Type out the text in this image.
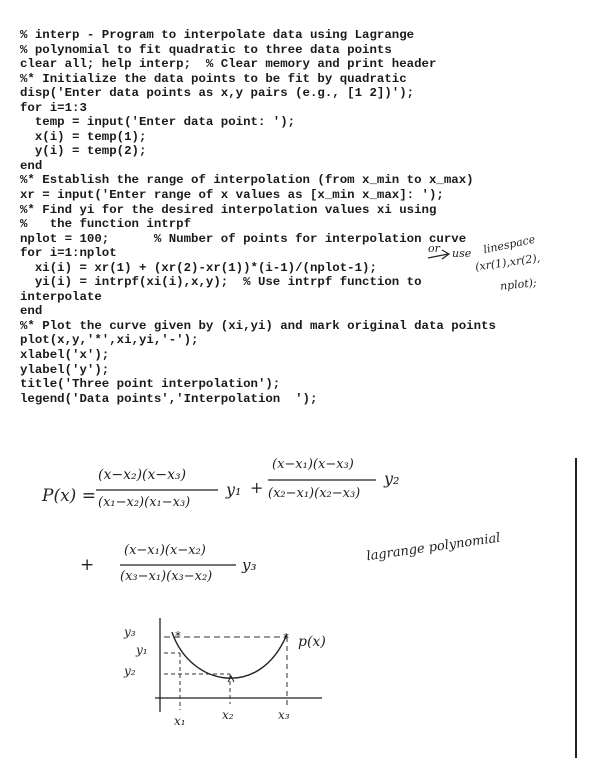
% interp - Program to interpolate data using Lagrange
% polynomial to fit quadratic to three data points
clear all; help interp;  % Clear memory and print header
%* Initialize the data points to be fit by quadratic
disp('Enter data points as x,y pairs (e.g., [1 2])');
for i=1:3
temp = input('Enter data point: ');
x(i) = temp(1);
y(i) = temp(2);
end
%* Establish the range of interpolation (from x_min to x_max)
xr = input('Enter range of x values as [x_min x_max]: ');
%* Find yi for the desired interpolation values xi using
%   the function intrpf
nplot = 100;      % Number of points for interpolation curve
for i=1:nplot
xi(i) = xr(1) + (xr(2)-xr(1))*(i-1)/(nplot-1);
yi(i) = intrpf(xi(i),x,y);  % Use intrpf function to
interpolate
end
%* Plot the curve given by (xi,yi) and mark original data points
plot(x,y,'*',xi,yi,'-');
xlabel('x');
ylabel('y');
title('Three point interpolation');
legend('Data points','Interpolation  ');
*	*
or use linespace
(xr(1),xr(2),
nplot);
P(x) =
(x−x₂)(x−x₃)
(x₁−x₂)(x₁−x₃)
y₁ +
(x−x₁)(x−x₃)
(x₂−x₁)(x₂−x₃)
y₂
+
(x−x₁)(x−x₂)
(x₃−x₁)(x₃−x₂)
y₃
lagrange polynomial
y₃
y₁
y₂
p(x)
x₁	x₂	x₃
